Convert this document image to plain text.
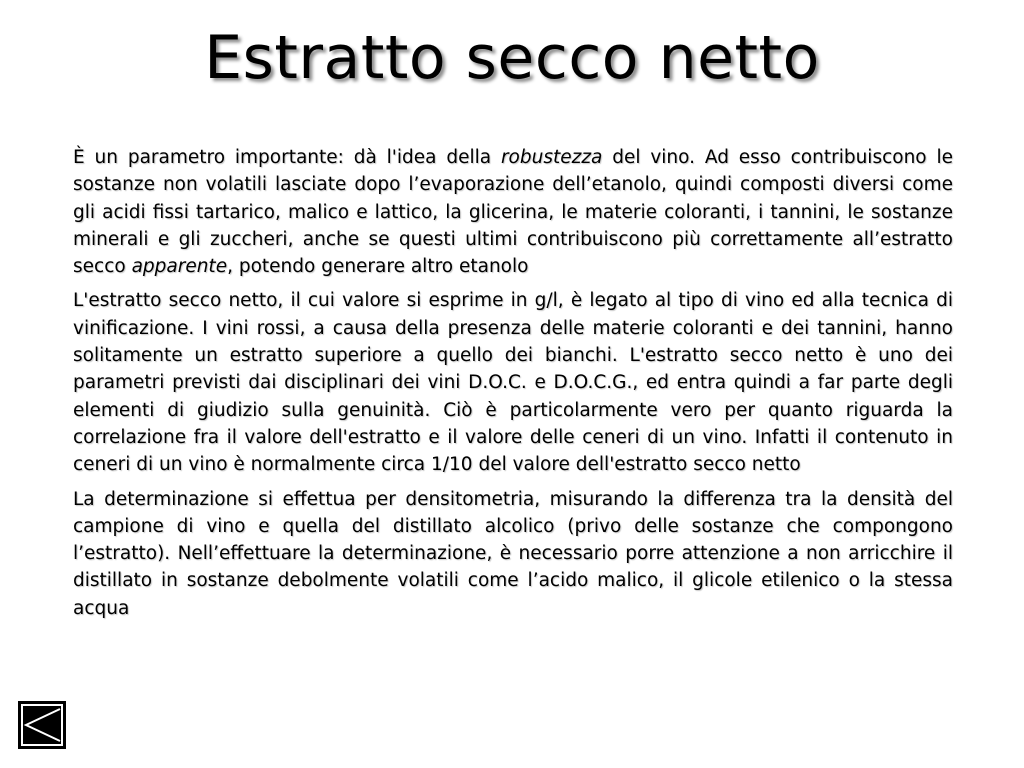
Estratto secco netto

È un parametro importante: dà l'idea della robustezza del vino. Ad esso contribuiscono le sostanze non volatili lasciate dopo l’evaporazione dell’etanolo, quindi composti diversi come gli acidi fissi tartarico, malico e lattico, la glicerina, le materie coloranti, i tannini, le sostanze minerali e gli zuccheri, anche se questi ultimi contribuiscono più correttamente all’estratto secco apparente, potendo generare altro etanolo

L'estratto secco netto, il cui valore si esprime in g/l, è legato al tipo di vino ed alla tecnica di vinificazione. I vini rossi, a causa della presenza delle materie coloranti e dei tannini, hanno solitamente un estratto superiore a quello dei bianchi. L'estratto secco netto è uno dei parametri previsti dai disciplinari dei vini D.O.C. e D.O.C.G., ed entra quindi a far parte degli elementi di giudizio sulla genuinità. Ciò è particolarmente vero per quanto riguarda la correlazione fra il valore dell'estratto e il valore delle ceneri di un vino. Infatti il contenuto in ceneri di un vino è normalmente circa 1/10 del valore dell'estratto secco netto

La determinazione si effettua per densitometria, misurando la differenza tra la densità del campione di vino e quella del distillato alcolico (privo delle sostanze che compongono l’estratto). Nell’effettuare la determinazione, è necessario porre attenzione a non arricchire il distillato in sostanze debolmente volatili come l’acido malico, il glicole etilenico o la stessa acqua
